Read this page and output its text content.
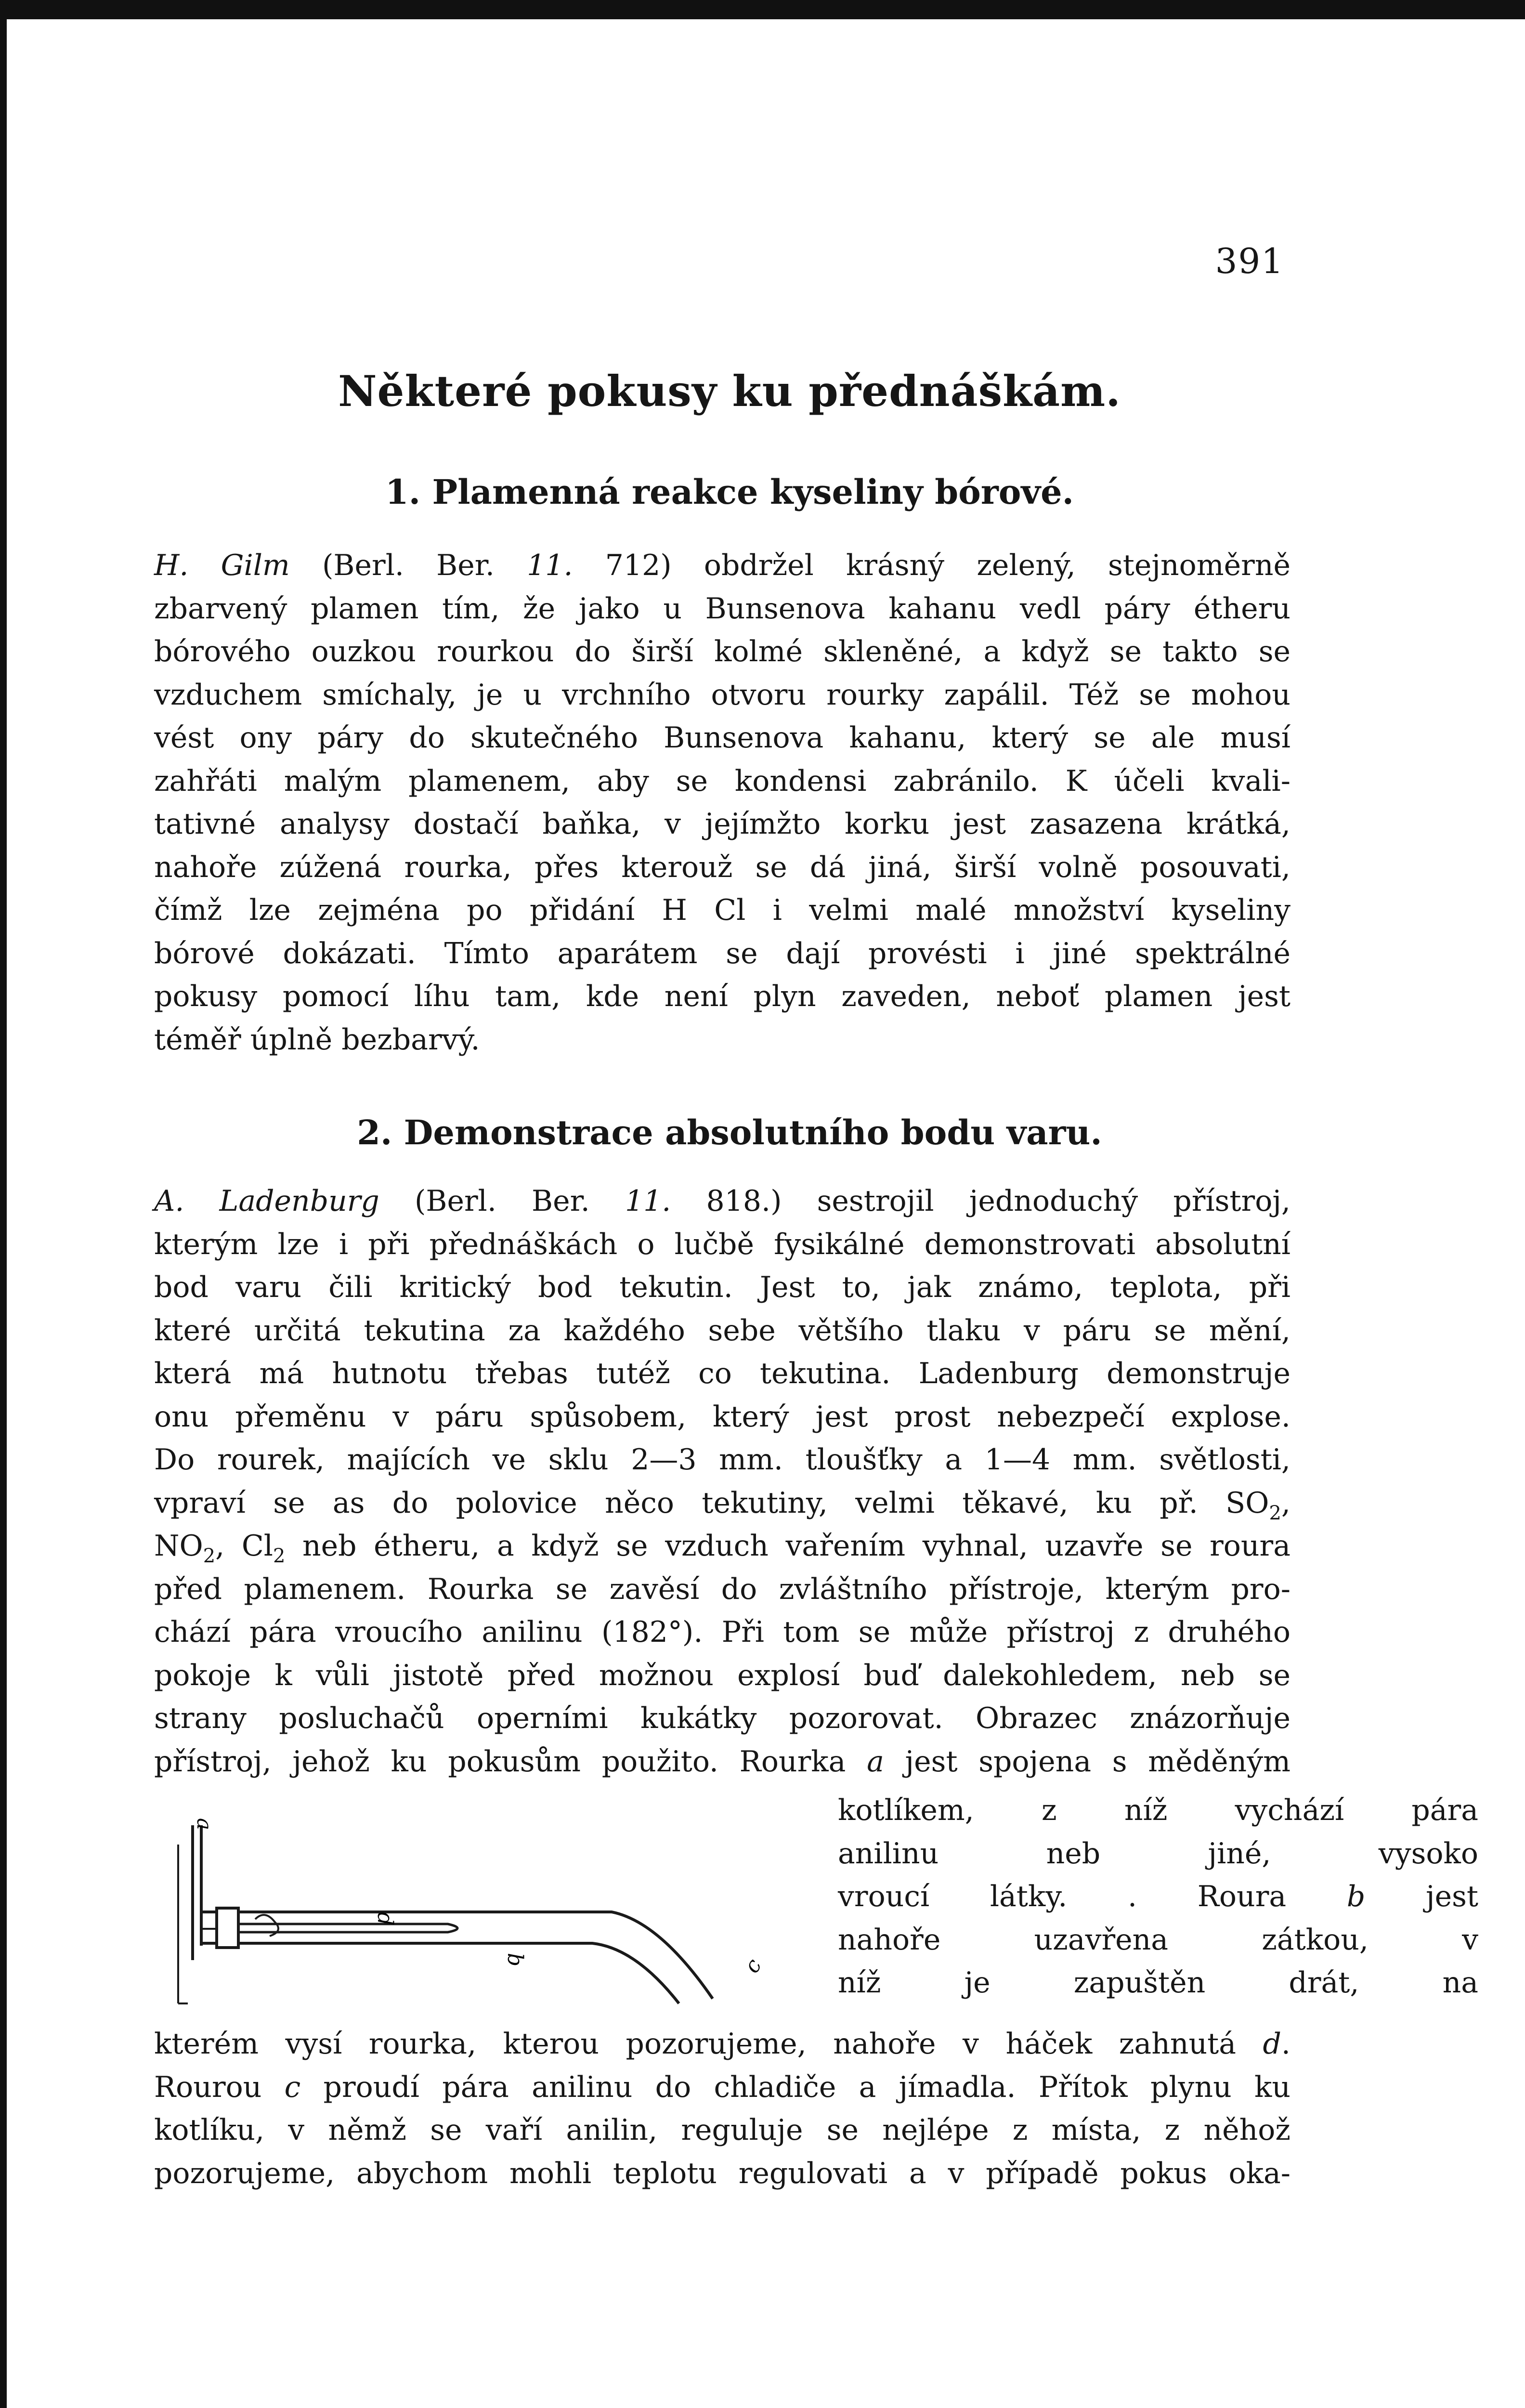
391
Některé pokusy ku přednáškám.
1. Plamenná reakce kyseliny bórové.
H. Gilm (Berl. Ber. 11. 712) obdržel krásný zelený, stejnoměrně
zbarvený plamen tím, že jako u Bunsenova kahanu vedl páry étheru
bórového ouzkou rourkou do širší kolmé skleněné, a když se takto se
vzduchem smíchaly, je u vrchního otvoru rourky zapálil. Též se mohou
vést ony páry do skutečného Bunsenova kahanu, který se ale musí
zahřáti malým plamenem, aby se kondensi zabránilo. K účeli kvali-
tativné analysy dostačí baňka, v jejímžto korku jest zasazena krátká,
nahoře zúžená rourka, přes kterouž se dá jiná, širší volně posouvati,
čímž lze zejména po přidání H Cl i velmi malé množství kyseliny
bórové dokázati. Tímto aparátem se dají provésti i jiné spektrálné
pokusy pomocí líhu tam, kde není plyn zaveden, neboť plamen jest
téměř úplně bezbarvý.
2. Demonstrace absolutního bodu varu.
A. Ladenburg (Berl. Ber. 11. 818.) sestrojil jednoduchý přístroj,
kterým lze i při přednáškách o lučbě fysikálné demonstrovati absolutní
bod varu čili kritický bod tekutin. Jest to, jak známo, teplota, při
které určitá tekutina za každého sebe většího tlaku v páru se mění,
která má hutnotu třebas tutéž co tekutina. Ladenburg demonstruje
onu přeměnu v páru spůsobem, který jest prost nebezpečí explose.
Do rourek, majících ve sklu 2—3 mm. tloušťky a 1—4 mm. světlosti,
vpraví se as do polovice něco tekutiny, velmi těkavé, ku př. $SO_2$,
$NO_2$, $Cl_2$ neb étheru, a když se vzduch vařením vyhnal, uzavře se roura
před plamenem. Rourka se zavěsí do zvláštního přístroje, kterým pro-
chází pára vroucího anilinu (182°). Při tom se může přístroj z druhého
pokoje k vůli jistotě před možnou explosí buď dalekohledem, neb se
strany posluchačů operními kukátky pozorovat. Obrazec znázorňuje
přístroj, jehož ku pokusům použito. Rourka a jest spojena s měděným
kotlíkem, z níž vychází pára
anilinu neb jiné, vysoko
vroucí látky. . Roura b jest
nahoře uzavřena zátkou, v
níž je zapuštěn drát, na
a
d
b	c
kterém vysí rourka, kterou pozorujeme, nahoře v háček zahnutá d.
Rourou c proudí pára anilinu do chladiče a jímadla. Přítok plynu ku
kotlíku, v němž se vaří anilin, reguluje se nejlépe z místa, z něhož
pozorujeme, abychom mohli teplotu regulovati a v případě pokus oka-
